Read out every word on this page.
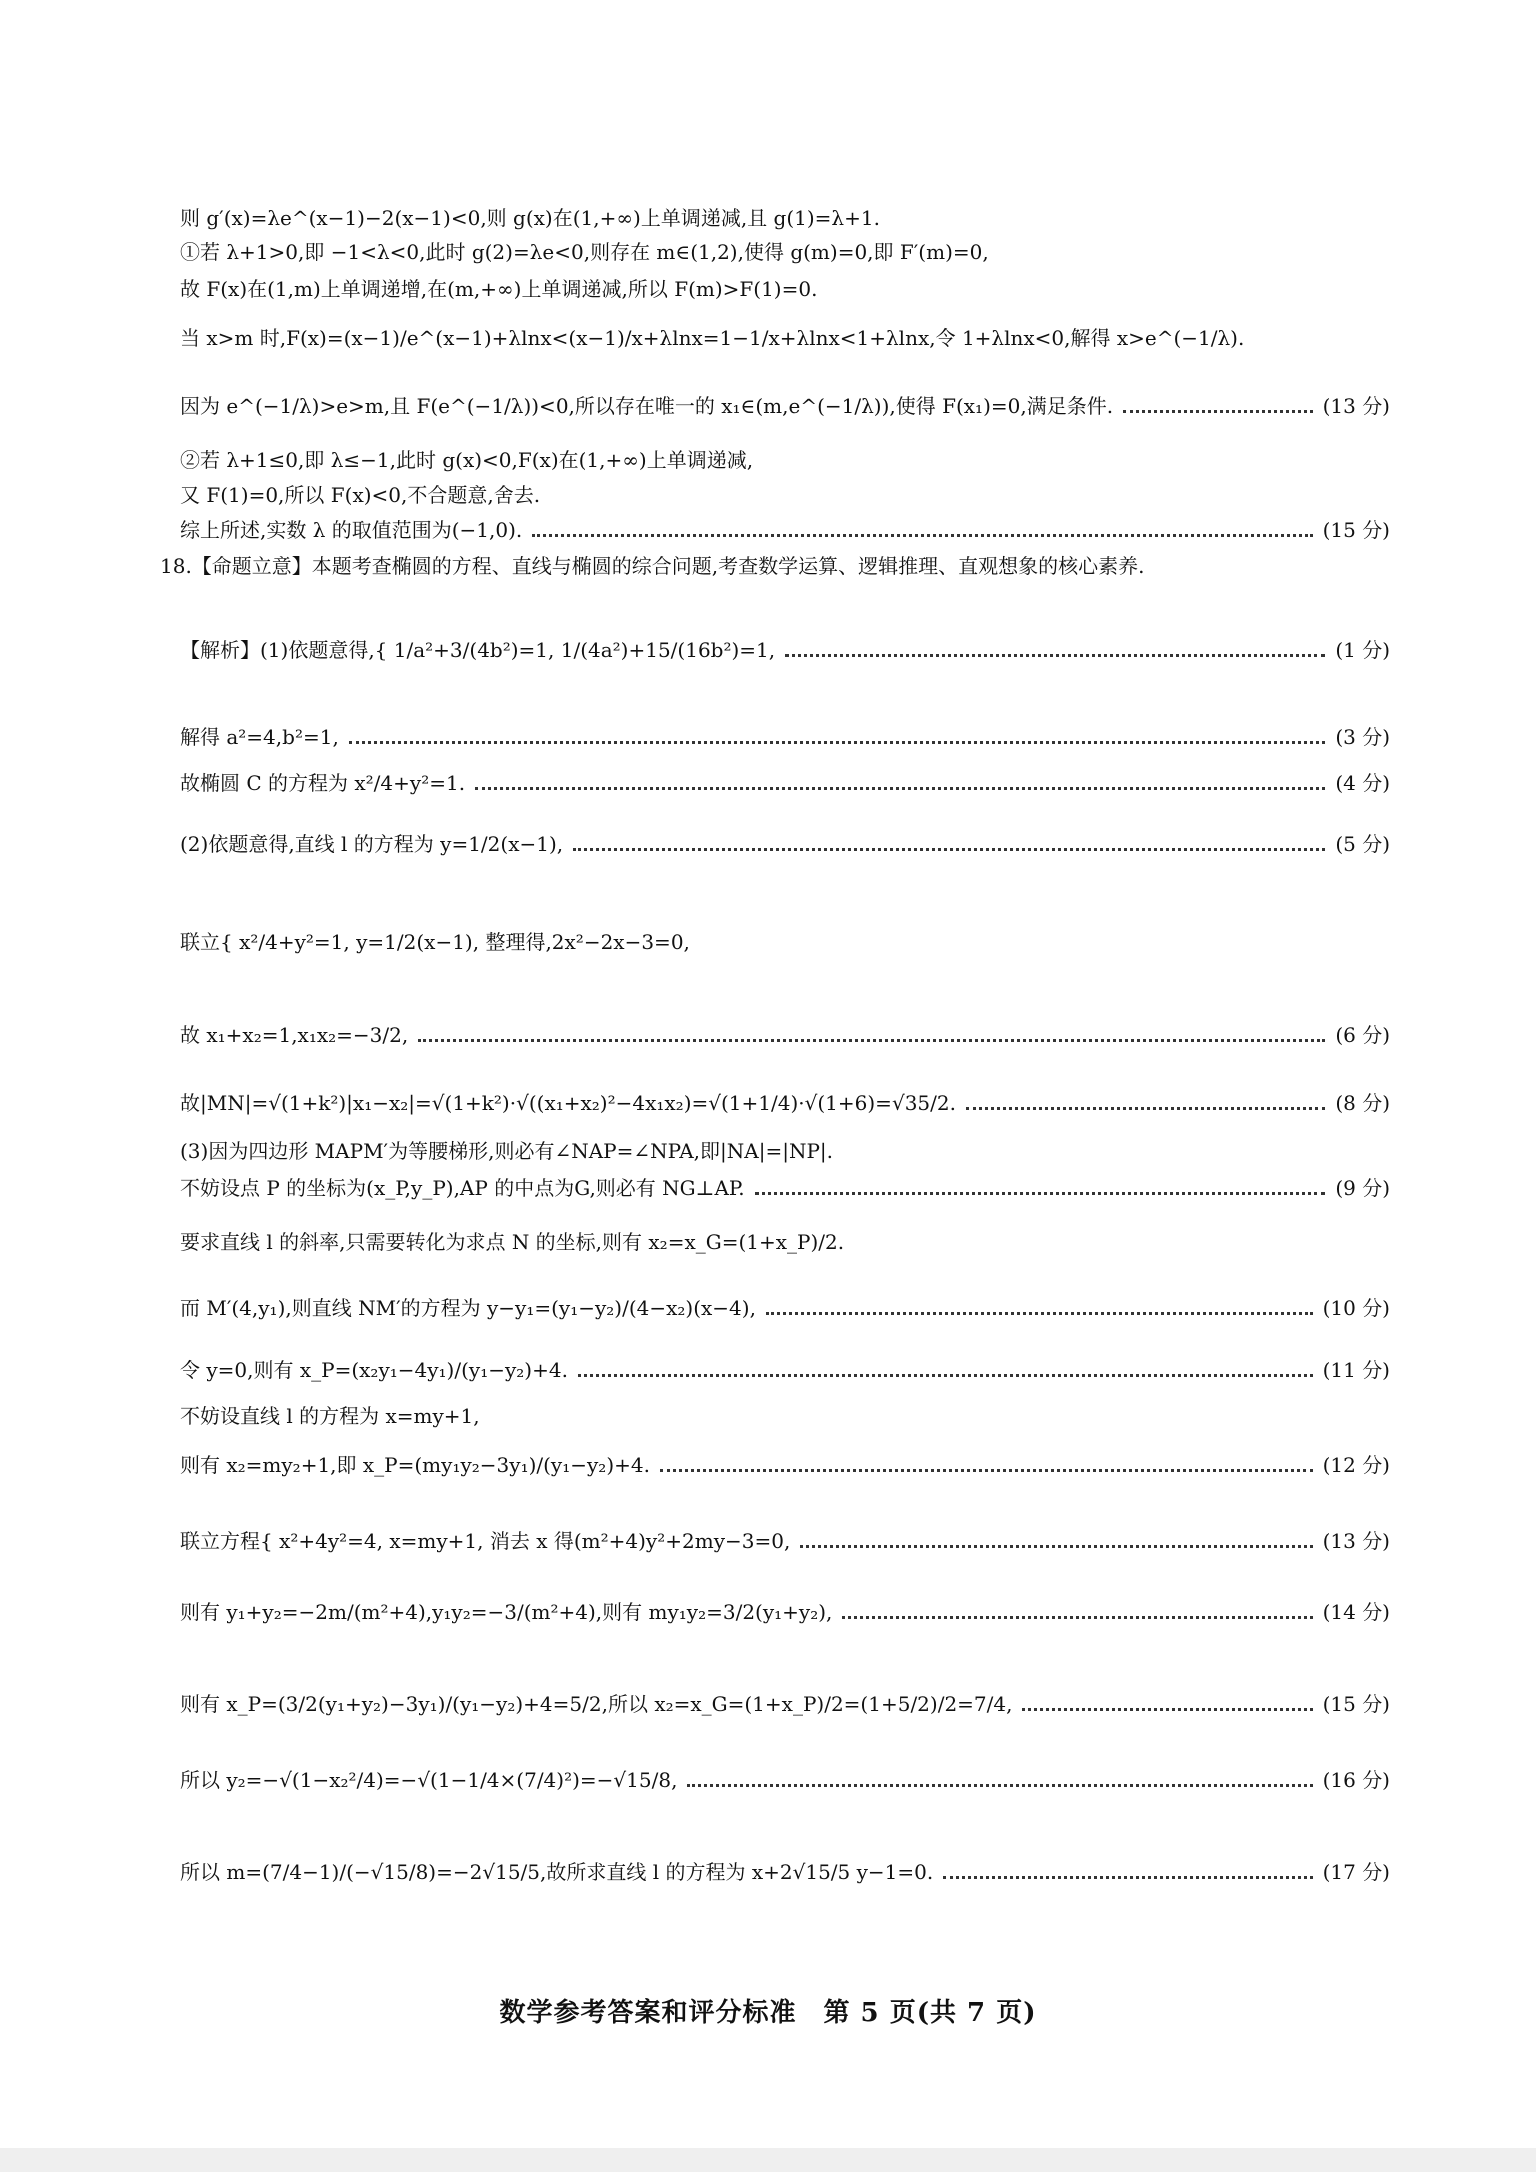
则 g′(x)=λe^(x−1)−2(x−1)<0,则 g(x)在(1,+∞)上单调递减,且 g(1)=λ+1.
①若 λ+1>0,即 −1<λ<0,此时 g(2)=λe<0,则存在 m∈(1,2),使得 g(m)=0,即 F′(m)=0,
故 F(x)在(1,m)上单调递增,在(m,+∞)上单调递减,所以 F(m)>F(1)=0.
当 x>m 时,F(x)=(x−1)/e^(x−1)+λlnx<(x−1)/x+λlnx=1−1/x+λlnx<1+λlnx,令 1+λlnx<0,解得 x>e^(−1/λ).
因为 e^(−1/λ)>e>m,且 F(e^(−1/λ))<0,所以存在唯一的 x₁∈(m,e^(−1/λ)),使得 F(x₁)=0,满足条件.	(13 分)
②若 λ+1≤0,即 λ≤−1,此时 g(x)<0,F(x)在(1,+∞)上单调递减,
又 F(1)=0,所以 F(x)<0,不合题意,舍去.
综上所述,实数 λ 的取值范围为(−1,0).	(15 分)
18.【命题立意】本题考查椭圆的方程、直线与椭圆的综合问题,考查数学运算、逻辑推理、直观想象的核心素养.
【解析】(1)依题意得,{ 1/a²+3/(4b²)=1, 1/(4a²)+15/(16b²)=1,	(1 分)
解得 a²=4,b²=1,	(3 分)
故椭圆 C 的方程为 x²/4+y²=1.	(4 分)
(2)依题意得,直线 l 的方程为 y=1/2(x−1),	(5 分)
联立{ x²/4+y²=1, y=1/2(x−1), 整理得,2x²−2x−3=0,
故 x₁+x₂=1,x₁x₂=−3/2,	(6 分)
故|MN|=√(1+k²)|x₁−x₂|=√(1+k²)·√((x₁+x₂)²−4x₁x₂)=√(1+1/4)·√(1+6)=√35/2.	(8 分)
(3)因为四边形 MAPM′为等腰梯形,则必有∠NAP=∠NPA,即|NA|=|NP|.
不妨设点 P 的坐标为(x_P,y_P),AP 的中点为G,则必有 NG⊥AP.	(9 分)
要求直线 l 的斜率,只需要转化为求点 N 的坐标,则有 x₂=x_G=(1+x_P)/2.
而 M′(4,y₁),则直线 NM′的方程为 y−y₁=(y₁−y₂)/(4−x₂)(x−4),	(10 分)
令 y=0,则有 x_P=(x₂y₁−4y₁)/(y₁−y₂)+4.	(11 分)
不妨设直线 l 的方程为 x=my+1,
则有 x₂=my₂+1,即 x_P=(my₁y₂−3y₁)/(y₁−y₂)+4.	(12 分)
联立方程{ x²+4y²=4, x=my+1, 消去 x 得(m²+4)y²+2my−3=0,	(13 分)
则有 y₁+y₂=−2m/(m²+4),y₁y₂=−3/(m²+4),则有 my₁y₂=3/2(y₁+y₂),	(14 分)
则有 x_P=(3/2(y₁+y₂)−3y₁)/(y₁−y₂)+4=5/2,所以 x₂=x_G=(1+x_P)/2=(1+5/2)/2=7/4,	(15 分)
所以 y₂=−√(1−x₂²/4)=−√(1−1/4×(7/4)²)=−√15/8,	(16 分)
所以 m=(7/4−1)/(−√15/8)=−2√15/5,故所求直线 l 的方程为 x+2√15/5 y−1=0.	(17 分)
数学参考答案和评分标准　第 5 页(共 7 页)
